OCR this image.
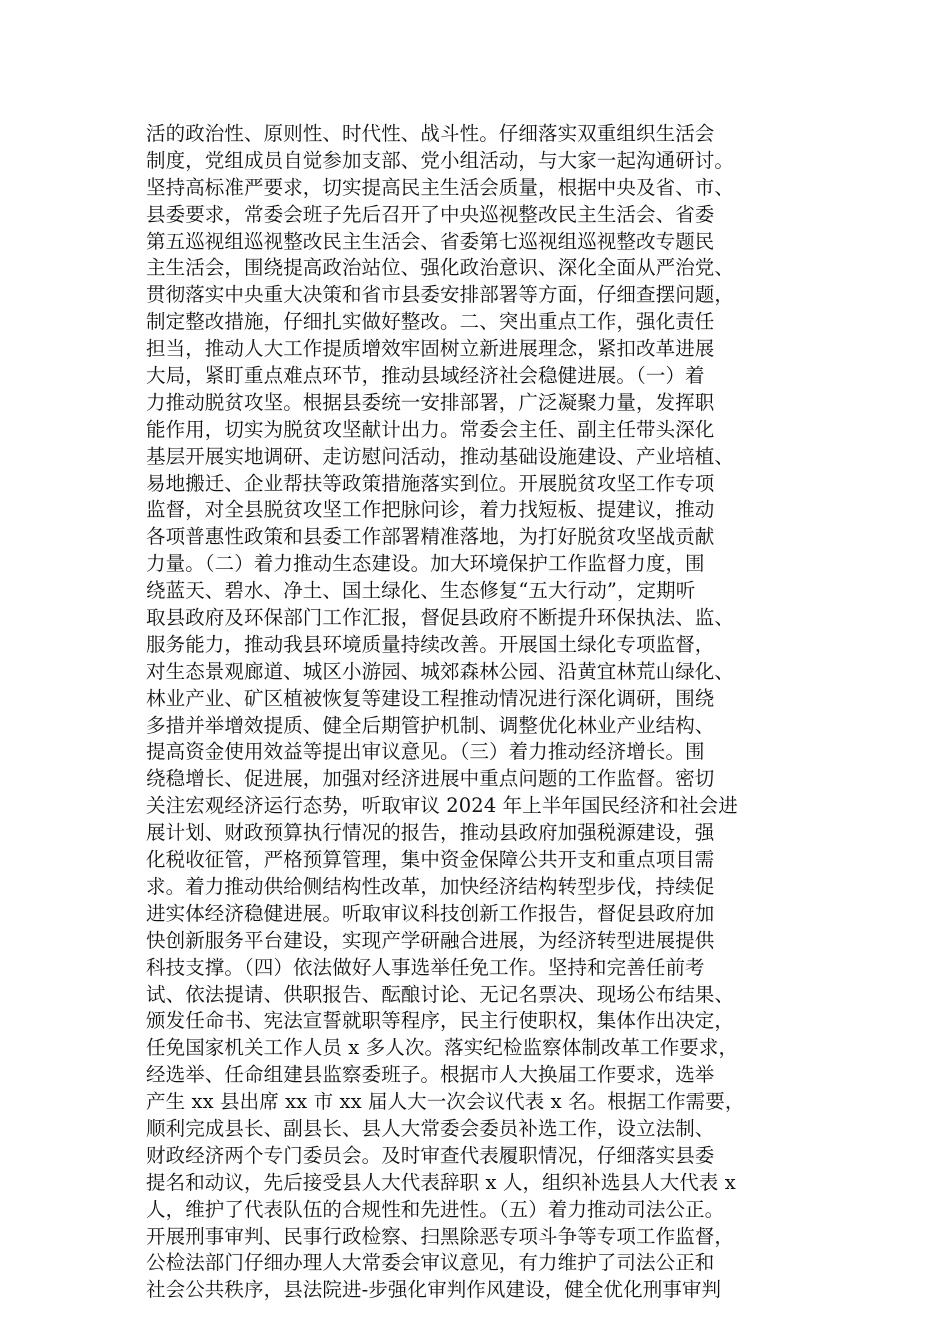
活的政治性、原则性、时代性、战斗性。仔细落实双重组织生活会
制度，党组成员自觉参加支部、党小组活动，与大家一起沟通研讨。
坚持高标准严要求，切实提高民主生活会质量，根据中央及省、市、
县委要求，常委会班子先后召开了中央巡视整改民主生活会、省委
第五巡视组巡视整改民主生活会、省委第七巡视组巡视整改专题民
主生活会，围绕提高政治站位、强化政治意识、深化全面从严治党、
贯彻落实中央重大决策和省市县委安排部署等方面，仔细查摆问题，
制定整改措施，仔细扎实做好整改。二、突出重点工作，强化责任
担当，推动人大工作提质增效牢固树立新进展理念，紧扣改革进展
大局，紧盯重点难点环节，推动县域经济社会稳健进展。（一）着
力推动脱贫攻坚。根据县委统一安排部署，广泛凝聚力量，发挥职
能作用，切实为脱贫攻坚献计出力。常委会主任、副主任带头深化
基层开展实地调研、走访慰问活动，推动基础设施建设、产业培植、
易地搬迁、企业帮扶等政策措施落实到位。开展脱贫攻坚工作专项
监督，对全县脱贫攻坚工作把脉问诊，着力找短板、提建议，推动
各项普惠性政策和县委工作部署精准落地，为打好脱贫攻坚战贡献
力量。（二）着力推动生态建设。加大环境保护工作监督力度，围
绕蓝天、碧水、净土、国土绿化、生态修复“五大行动”，定期听
取县政府及环保部门工作汇报，督促县政府不断提升环保执法、监、
服务能力，推动我县环境质量持续改善。开展国土绿化专项监督，
对生态景观廊道、城区小游园、城郊森林公园、沿黄宜林荒山绿化、
林业产业、矿区植被恢复等建设工程推动情况进行深化调研，围绕
多措并举增效提质、健全后期管护机制、调整优化林业产业结构、
提高资金使用效益等提出审议意见。（三）着力推动经济增长。围
绕稳增长、促进展，加强对经济进展中重点问题的工作监督。密切
关注宏观经济运行态势，听取审议 2024 年上半年国民经济和社会进
展计划、财政预算执行情况的报告，推动县政府加强税源建设，强
化税收征管，严格预算管理，集中资金保障公共开支和重点项目需
求。着力推动供给侧结构性改革，加快经济结构转型步伐，持续促
进实体经济稳健进展。听取审议科技创新工作报告，督促县政府加
快创新服务平台建设，实现产学研融合进展，为经济转型进展提供
科技支撑。（四）依法做好人事选举任免工作。坚持和完善任前考
试、依法提请、供职报告、酝酿讨论、无记名票决、现场公布结果、
颁发任命书、宪法宣誓就职等程序，民主行使职权，集体作出决定，
任免国家机关工作人员 x 多人次。落实纪检监察体制改革工作要求，
经选举、任命组建县监察委班子。根据市人大换届工作要求，选举
产生 xx 县出席 xx 市 xx 届人大一次会议代表 x 名。根据工作需要，
顺利完成县长、副县长、县人大常委会委员补选工作，设立法制、
财政经济两个专门委员会。及时审查代表履职情况，仔细落实县委
提名和动议，先后接受县人大代表辞职 x 人，组织补选县人大代表 x
人，维护了代表队伍的合规性和先进性。（五）着力推动司法公正。
开展刑事审判、民事行政检察、扫黑除恶专项斗争等专项工作监督，
公检法部门仔细办理人大常委会审议意见，有力维护了司法公正和
社会公共秩序，县法院进-步强化审判作风建设，健全优化刑事审判
